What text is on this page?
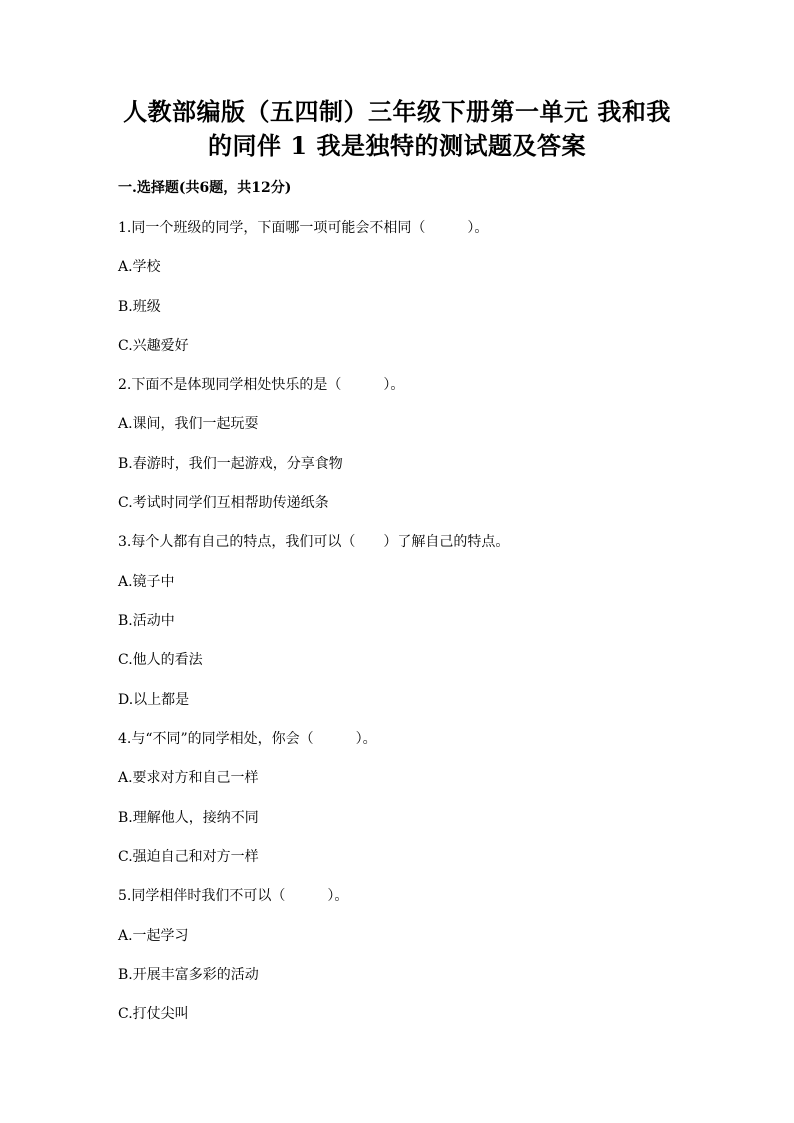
人教部编版（五四制）三年级下册第一单元 我和我
的同伴 1 我是独特的测试题及答案
一.选择题(共6题，共12分)
1.同一个班级的同学，下面哪一项可能会不相同（　　　）。
A.学校
B.班级
C.兴趣爱好
2.下面不是体现同学相处快乐的是（　　　）。
A.课间，我们一起玩耍
B.春游时，我们一起游戏，分享食物
C.考试时同学们互相帮助传递纸条
3.每个人都有自己的特点，我们可以（　　）了解自己的特点。
A.镜子中
B.活动中
C.他人的看法
D.以上都是
4.与“不同”的同学相处，你会（　　　）。
A.要求对方和自己一样
B.理解他人，接纳不同
C.强迫自己和对方一样
5.同学相伴时我们不可以（　　　）。
A.一起学习
B.开展丰富多彩的活动
C.打仗尖叫
